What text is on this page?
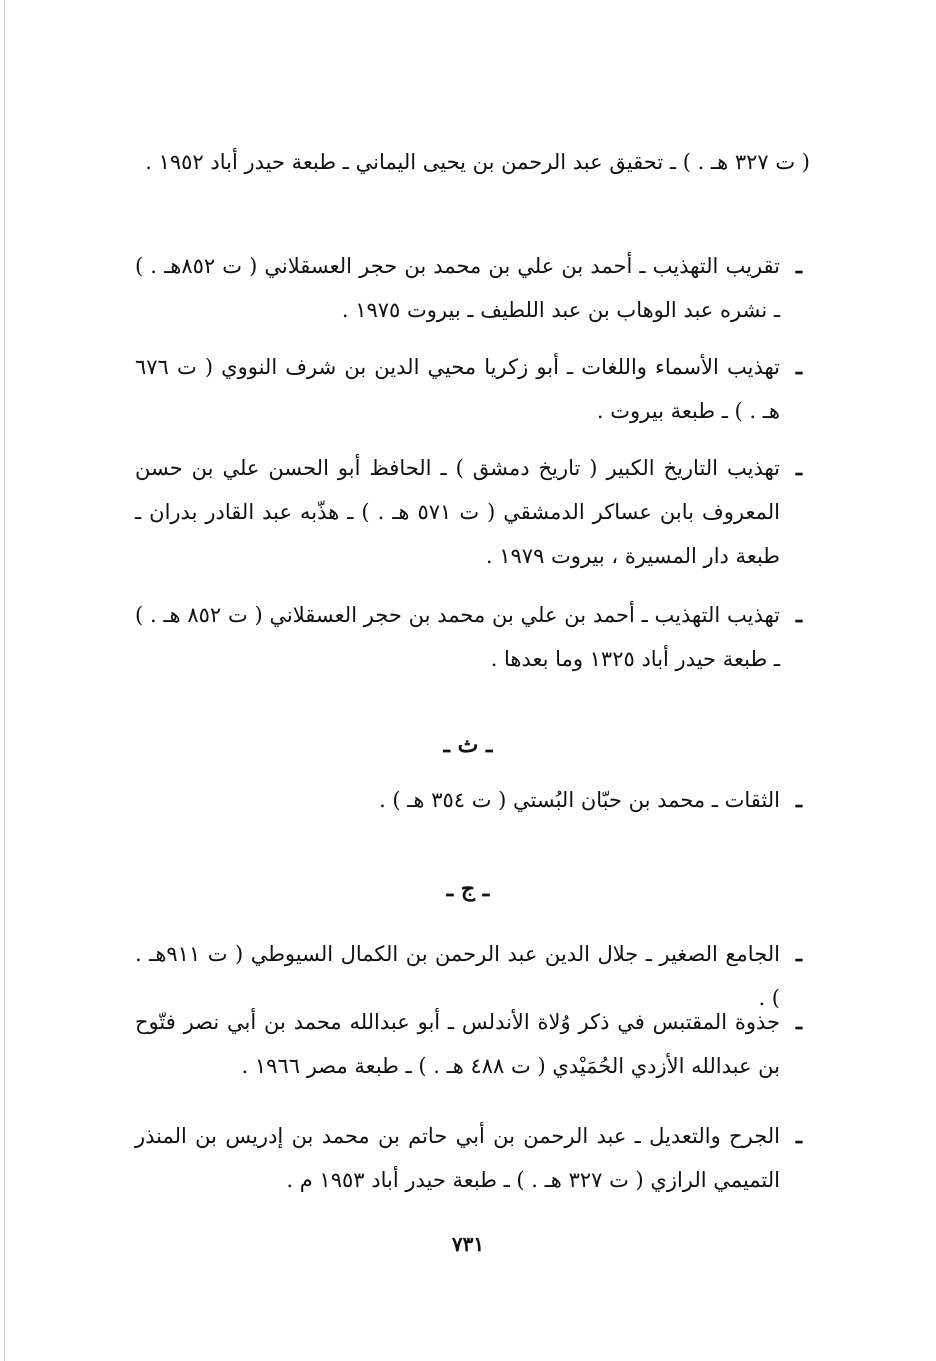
( ت ٣٢٧ هـ . ) ـ تحقيق عبد الرحمن بن يحيى اليماني ـ طبعة حيدر أباد ١٩٥٢ .
ـ
تقريب التهذيب ـ أحمد بن علي بن محمد بن حجر العسقلاني ( ت ٨٥٢هـ . ) ـ نشره عبد الوهاب بن عبد اللطيف ـ بيروت ١٩٧٥ .
ـ
تهذيب الأسماء واللغات ـ أبو زكريا محيي الدين بن شرف النووي ( ت ٦٧٦ هـ . ) ـ طبعة بيروت .
ـ
تهذيب التاريخ الكبير ( تاريخ دمشق ) ـ الحافظ أبو الحسن علي بن حسن المعروف بابن عساكر الدمشقي ( ت ٥٧١ هـ . ) ـ هذّبه عبد القادر بدران ـ طبعة دار المسيرة ، بيروت ١٩٧٩ .
ـ
تهذيب التهذيب ـ أحمد بن علي بن محمد بن حجر العسقلاني ( ت ٨٥٢ هـ . ) ـ طبعة حيدر أباد ١٣٢٥ وما بعدها .
ـ ث ـ
ـ
الثقات ـ محمد بن حبّان البُستي ( ت ٣٥٤ هـ ) .
ـ ج ـ
ـ
الجامع الصغير ـ جلال الدين عبد الرحمن بن الكمال السيوطي ( ت ٩١١هـ . ) .
ـ
جذوة المقتبس في ذكر وُلاة الأندلس ـ أبو عبدالله محمد بن أبي نصر فتّوح بن عبدالله الأزدي الحُمَيْدي ( ت ٤٨٨ هـ . ) ـ طبعة مصر ١٩٦٦ .
ـ
الجرح والتعديل ـ عبد الرحمن بن أبي حاتم بن محمد بن إدريس بن المنذر التميمي الرازي ( ت ٣٢٧ هـ . ) ـ طبعة حيدر أباد ١٩٥٣ م .
٧٣١
